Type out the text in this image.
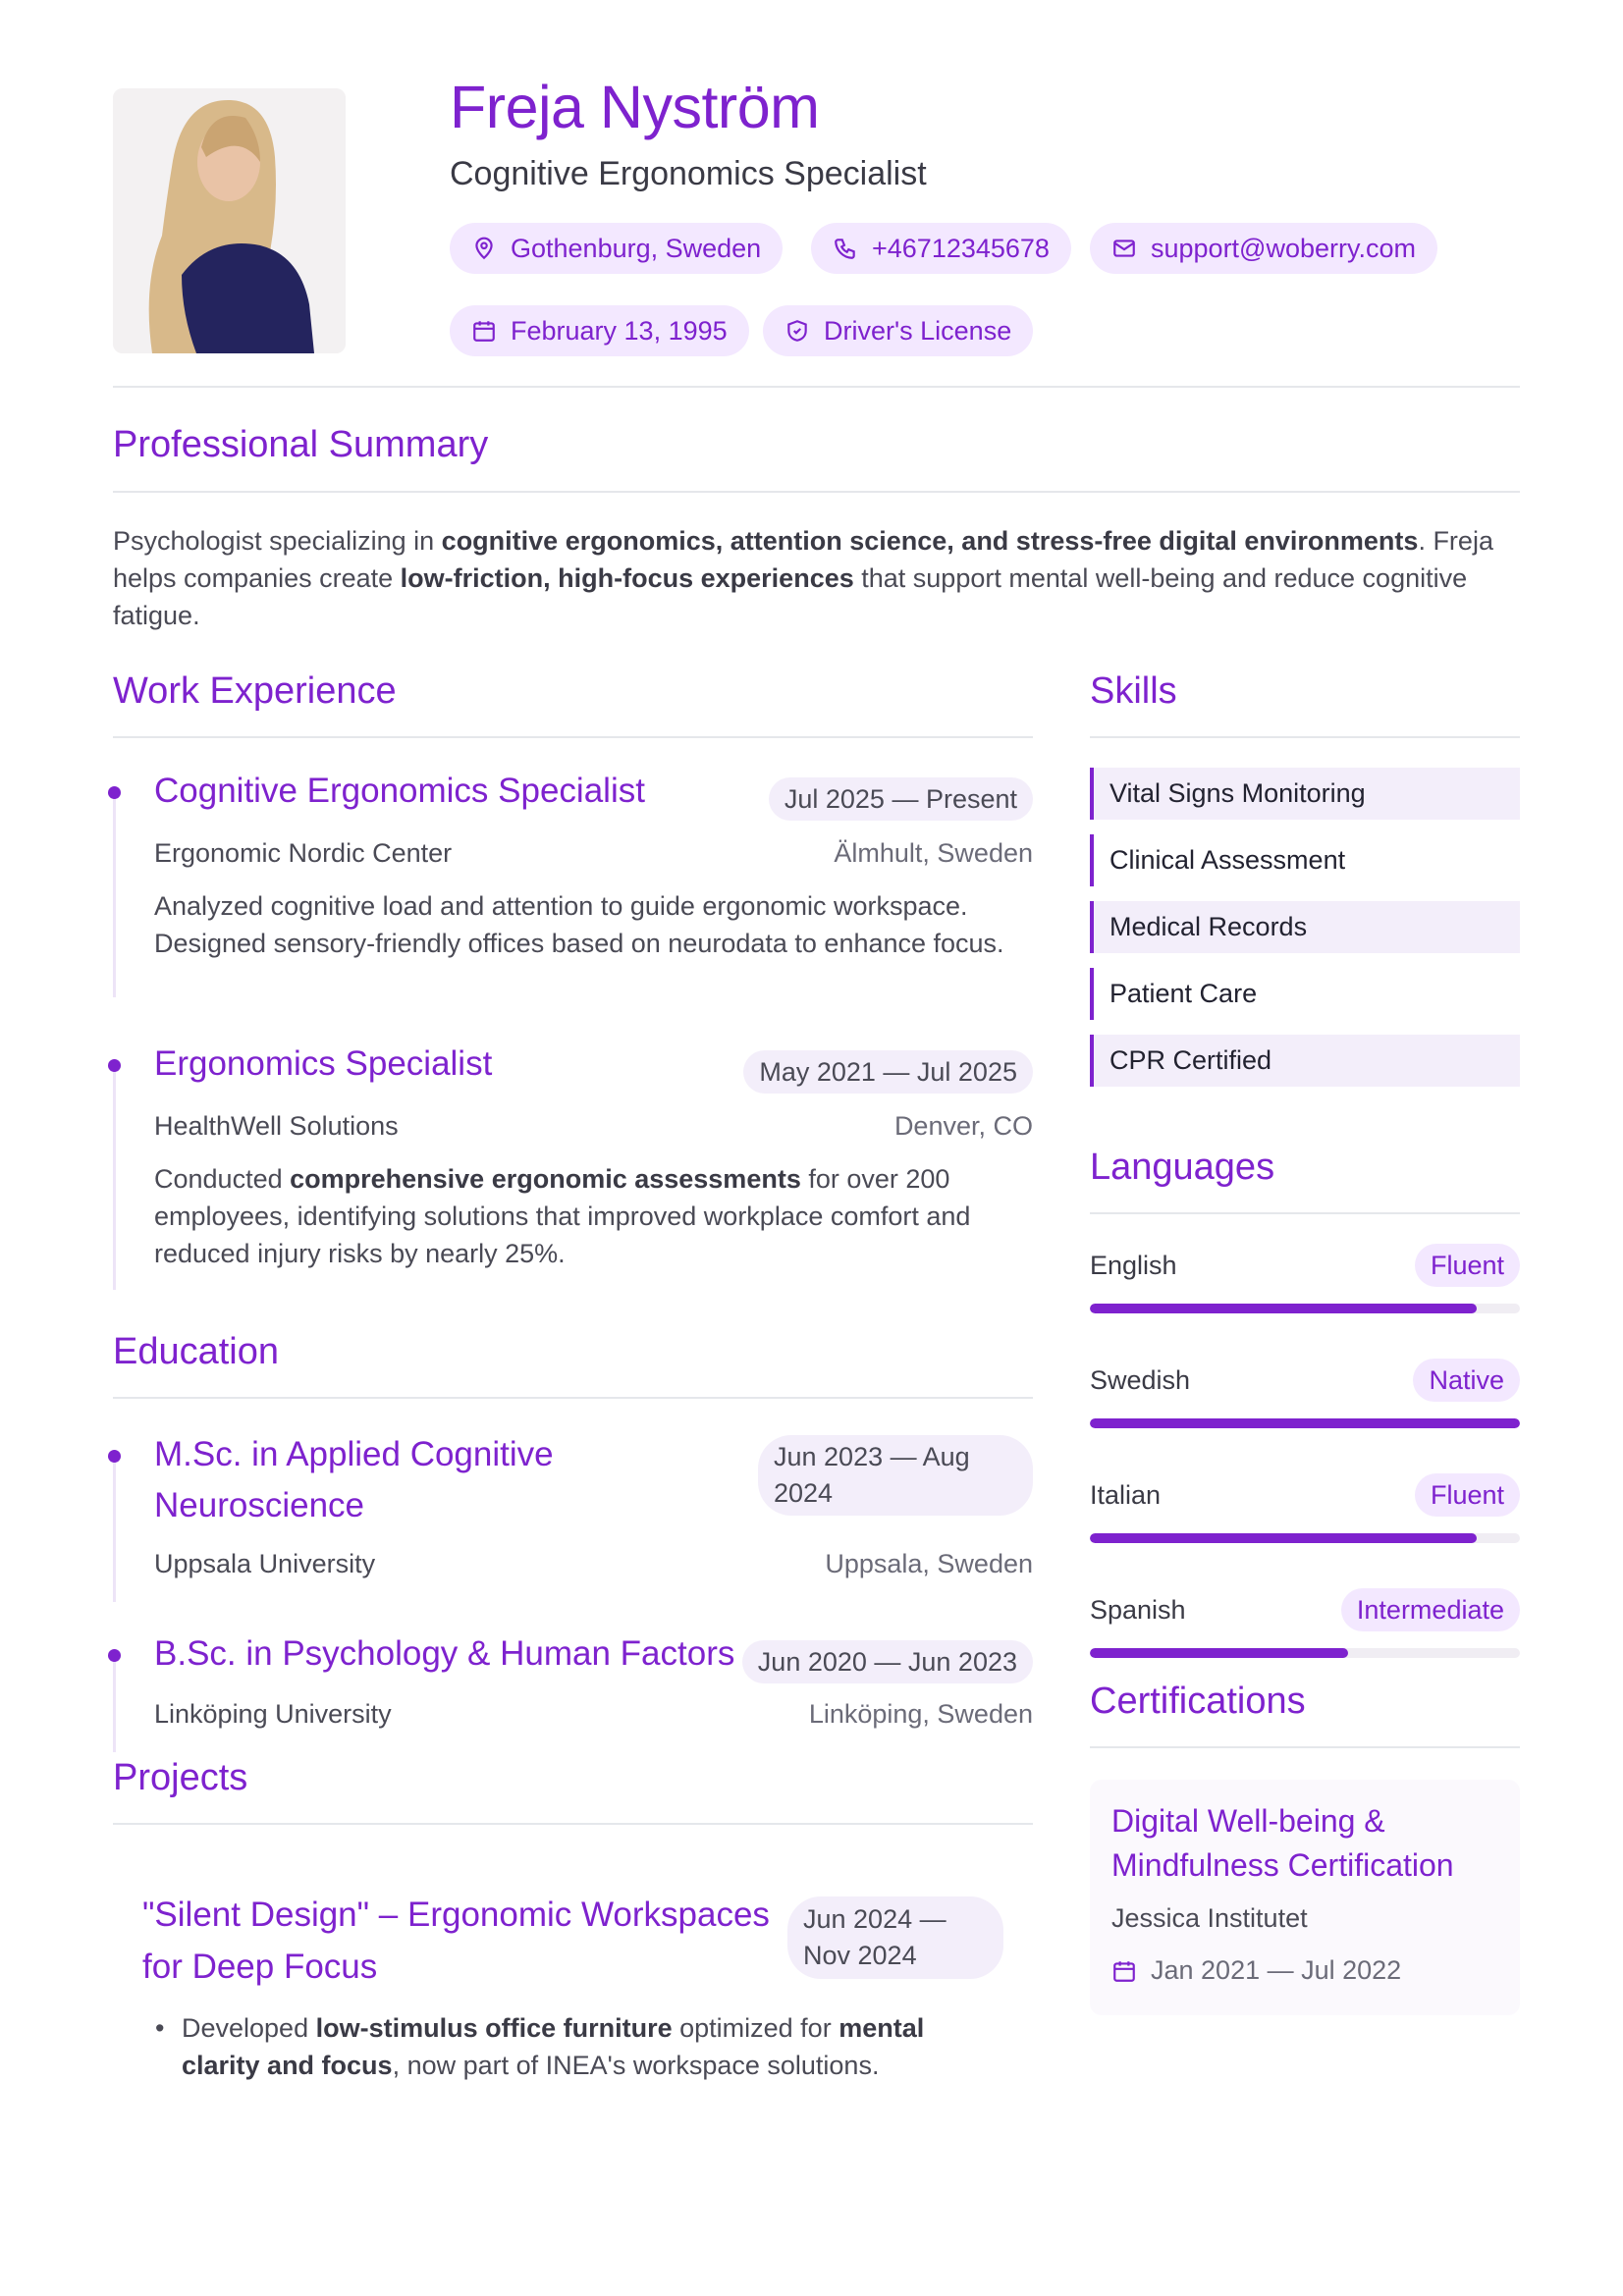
Freja Nyström
Cognitive Ergonomics Specialist
Gothenburg, Sweden	+46712345678	support@woberry.com
February 13, 1995	Driver's License
Professional Summary
Psychologist specializing in cognitive ergonomics, attention science, and stress-free digital environments. Freja helps companies create low-friction, high-focus experiences that support mental well-being and reduce cognitive fatigue.
Work Experience
Cognitive Ergonomics Specialist	Jul 2025 — Present
Ergonomic Nordic Center	Älmhult, Sweden
Analyzed cognitive load and attention to guide ergonomic workspace. Designed sensory-friendly offices based on neurodata to enhance focus.
Ergonomics Specialist	May 2021 — Jul 2025
HealthWell Solutions	Denver, CO
Conducted comprehensive ergonomic assessments for over 200 employees, identifying solutions that improved workplace comfort and reduced injury risks by nearly 25%.
Education
M.Sc. in Applied Cognitive Neuroscience
Jun 2023 — Aug 2024
Uppsala University	Uppsala, Sweden
B.Sc. in Psychology & Human Factors Jun 2020 — Jun 2023
Linköping University	Linköping, Sweden
Projects
"Silent Design" – Ergonomic Workspaces for Deep Focus
Jun 2024 — Nov 2024
• Developed low-stimulus office furniture optimized for mental clarity and focus, now part of INEA's workspace solutions.
Skills
Vital Signs Monitoring
Clinical Assessment
Medical Records
Patient Care
CPR Certified
Languages
English	Fluent
Swedish	Native
Italian	Fluent
Spanish	Intermediate
Certifications
Digital Well-being & Mindfulness Certification
Jessica Institutet
Jan 2021 — Jul 2022
